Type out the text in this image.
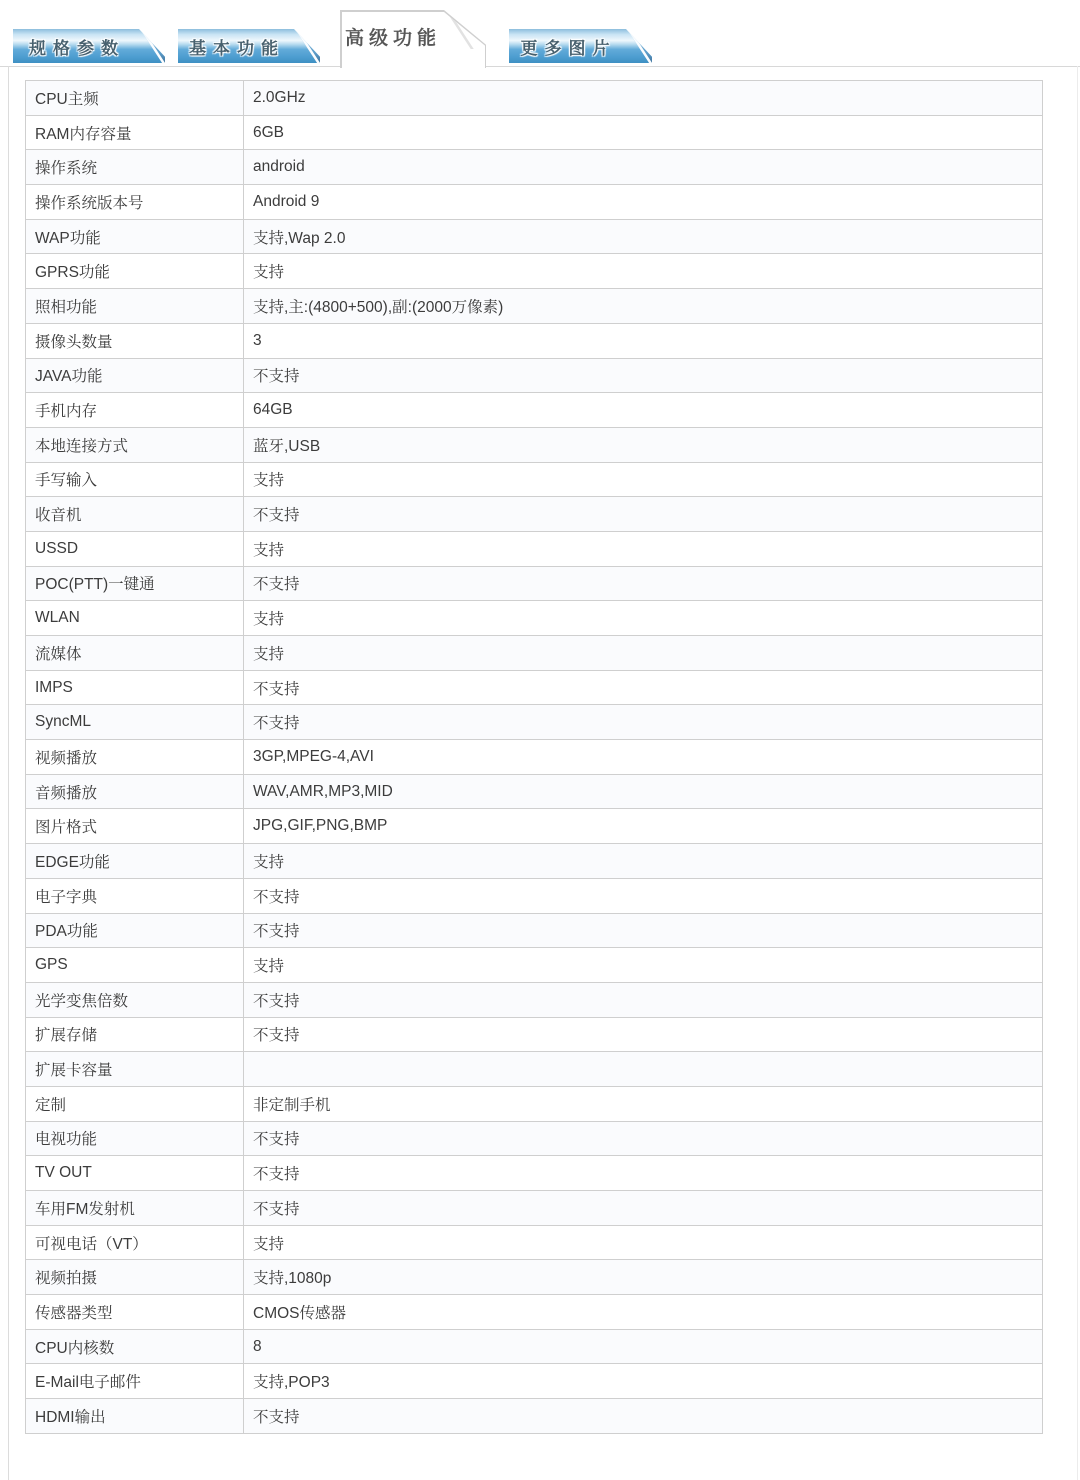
规格参数	基本功能	高级功能	更多图片
CPU主频	2.0GHz
RAM内存容量	6GB
操作系统	android
操作系统版本号	Android 9
WAP功能	支持,Wap 2.0
GPRS功能	支持
照相功能	支持,主:(4800+500),副:(2000万像素)
摄像头数量	3
JAVA功能	不支持
手机内存	64GB
本地连接方式	蓝牙,USB
手写输入	支持
收音机	不支持
USSD	支持
POC(PTT)一键通	不支持
WLAN	支持
流媒体	支持
IMPS	不支持
SyncML	不支持
视频播放	3GP,MPEG-4,AVI
音频播放	WAV,AMR,MP3,MID
图片格式	JPG,GIF,PNG,BMP
EDGE功能	支持
电子字典	不支持
PDA功能	不支持
GPS	支持
光学变焦倍数	不支持
扩展存储	不支持
扩展卡容量	
定制	非定制手机
电视功能	不支持
TV OUT	不支持
车用FM发射机	不支持
可视电话（VT）	支持
视频拍摄	支持,1080p
传感器类型	CMOS传感器
CPU内核数	8
E-Mail电子邮件	支持,POP3
HDMI输出	不支持
